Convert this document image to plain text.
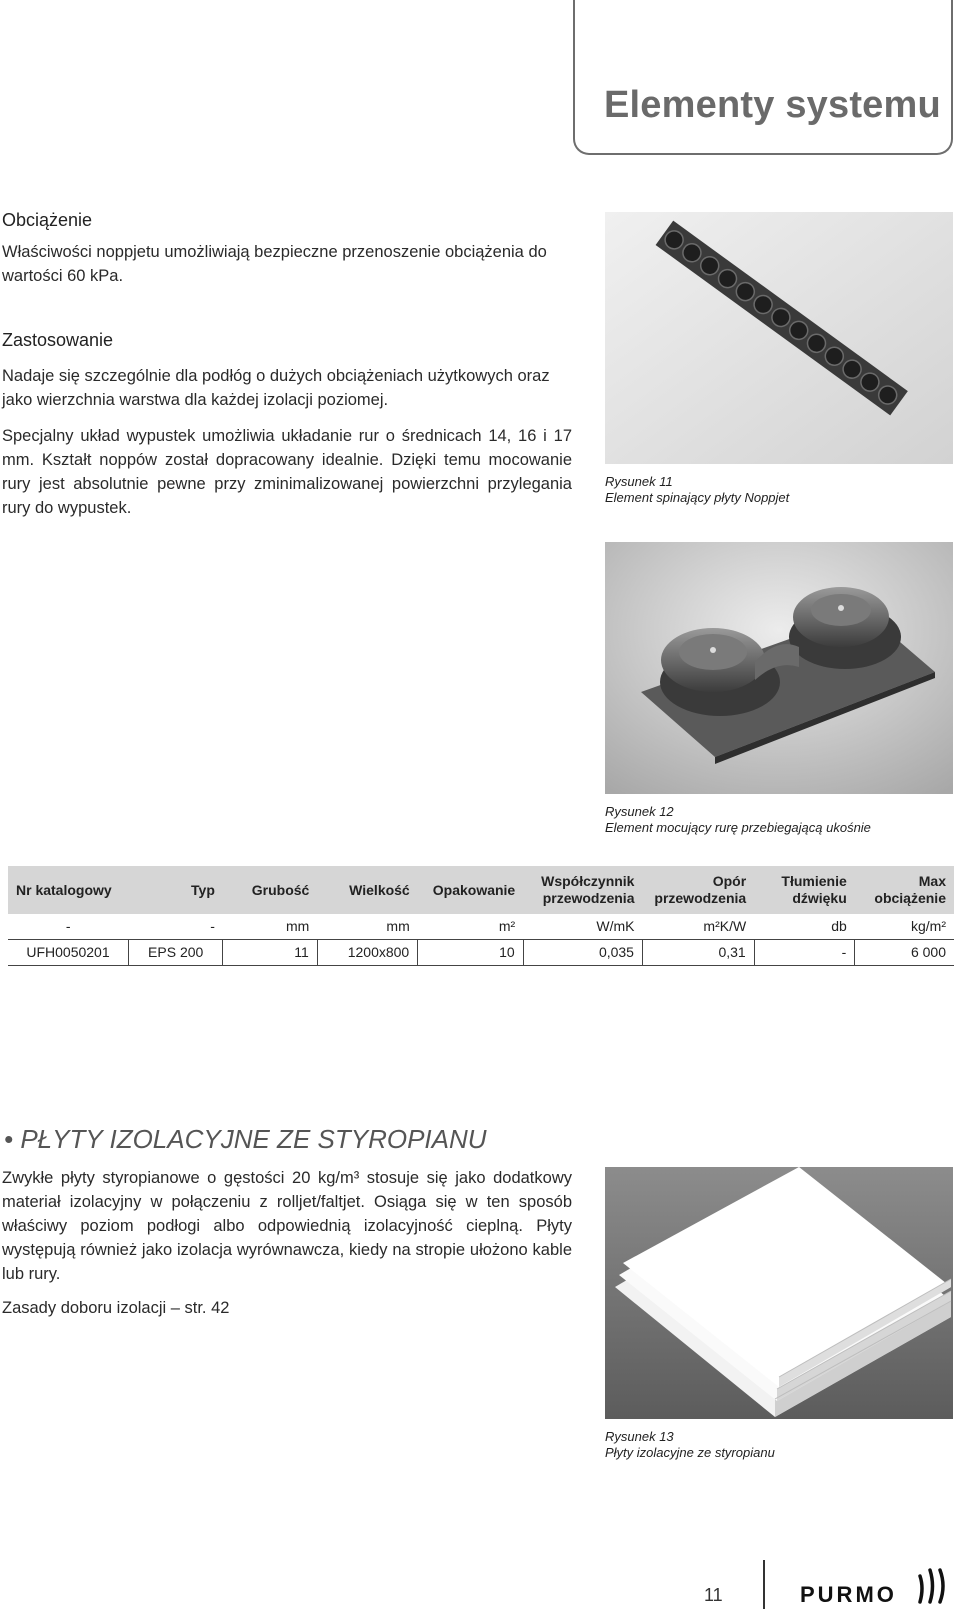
Elementy systemu
Obciążenie
Właściwości noppjetu umożliwiają bezpieczne przenoszenie obciążenia do wartości 60 kPa.
Zastosowanie

Nadaje się szczególnie dla podłóg o dużych obciążeniach użytkowych oraz jako wierzchnia warstwa dla każdej izolacji poziomej.

Specjalny układ wypustek umożliwia układanie rur o średnicach 14, 16 i 17 mm. Kształt noppów został dopracowany idealnie. Dzięki temu mocowanie rury jest absolutnie pewne przy zminimalizowanej powierzchni przylegania rury do wypustek.

Rysunek 11
Element spinający płyty Noppjet
Rysunek 12
Element mocujący rurę przebiegającą ukośnie
Nr katalogowy	Typ	Grubość	Wielkość	Opakowanie	Współczynnik przewodzenia	Opór przewodzenia	Tłumienie dźwięku	Max obciążenie
-	-	mm	mm	m²	W/mK	m²K/W	db	kg/m²
UFH0050201	EPS 200	11	1200x800	10	0,035	0,31	-	6 000
• PŁYTY IZOLACYJNE ZE STYROPIANU
Zwykłe płyty styropianowe o gęstości 20 kg/m³ stosuje się jako dodatkowy materiał izolacyjny w połączeniu z rolljet/faltjet. Osiąga się w ten sposób właściwy poziom podłogi albo odpowiednią izolacyjność cieplną. Płyty występują również jako izolacja wyrównawcza, kiedy na stropie ułożono kable lub rury.
Zasady doboru izolacji – str. 42
Rysunek 13
Płyty izolacyjne ze styropianu
11	PURMO
